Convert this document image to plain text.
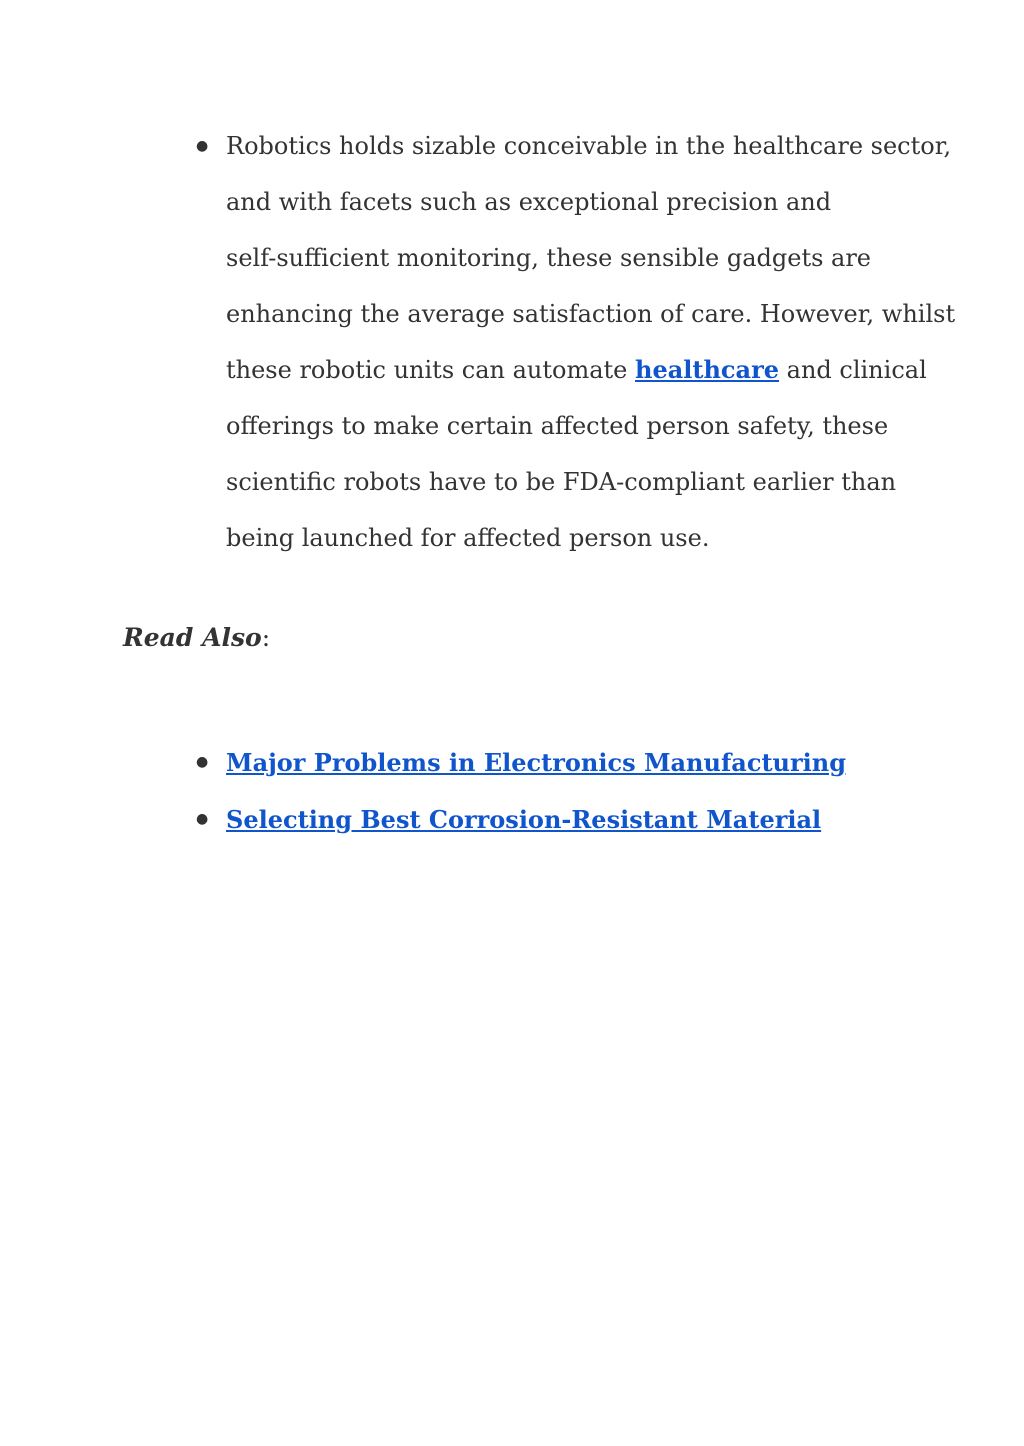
● Robotics holds sizable conceivable in the healthcare sector,
and with facets such as exceptional precision and
self-sufficient monitoring, these sensible gadgets are
enhancing the average satisfaction of care. However, whilst
these robotic units can automate healthcare and clinical
offerings to make certain affected person safety, these
scientific robots have to be FDA-compliant earlier than
being launched for affected person use.

Read Also:
● Major Problems in Electronics Manufacturing
● Selecting Best Corrosion-Resistant Material
